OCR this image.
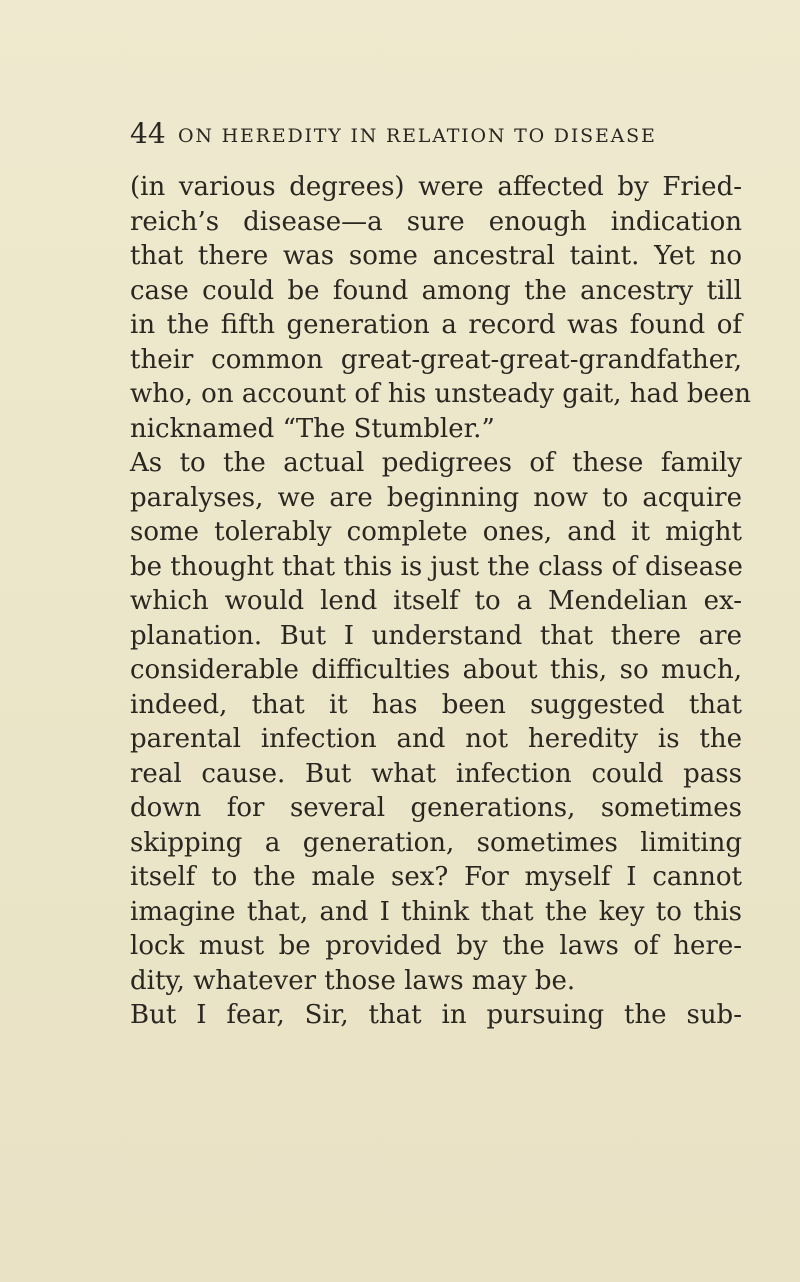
44 ON HEREDITY IN RELATION TO DISEASE
(in various degrees) were affected by Fried-
reich’s disease—a sure enough indication
that there was some ancestral taint. Yet no
case could be found among the ancestry till
in the fifth generation a record was found of
their common great-great-great-grandfather,
who, on account of his unsteady gait, had been
nicknamed “The Stumbler.”
As to the actual pedigrees of these family
paralyses, we are beginning now to acquire
some tolerably complete ones, and it might
be thought that this is just the class of disease
which would lend itself to a Mendelian ex-
planation. But I understand that there are
considerable difficulties about this, so much,
indeed, that it has been suggested that
parental infection and not heredity is the
real cause. But what infection could pass
down for several generations, sometimes
skipping a generation, sometimes limiting
itself to the male sex? For myself I cannot
imagine that, and I think that the key to this
lock must be provided by the laws of here-
dity, whatever those laws may be.
But I fear, Sir, that in pursuing the sub-
